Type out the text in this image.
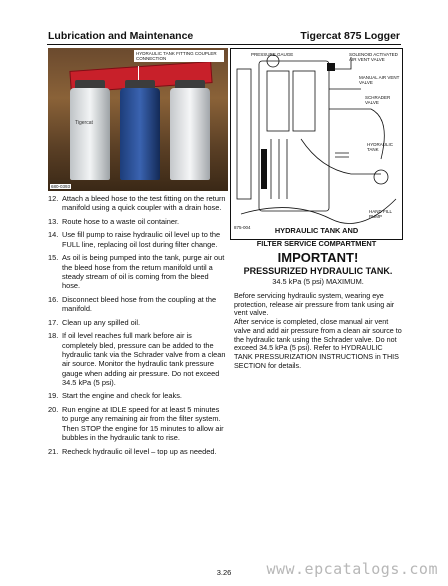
Lubrication and Maintenance	Tigercat 875 Logger
Tigercat
HYDRAULIC TANK FITTING COUPLER CONNECTION
680-0393
12. Attach a bleed hose to the test fitting on the return manifold using a quick coupler with a drain hose.
13. Route hose to a waste oil container.
14. Use fill pump to raise hydraulic oil level up to the FULL line, replacing oil lost during filter change.
15. As oil is being pumped into the tank, purge air out the bleed hose from the return manifold until a steady stream of oil is coming from the bleed hose.
16. Disconnect bleed hose from the coupling at the manifold.
17. Clean up any spilled oil.
18. If oil level reaches full mark before air is completely bled, pressure can be added to the hydraulic tank via the Schrader valve from a clean air source. Monitor the hydraulic tank pressure gauge when adding air pressure. Do not exceed 34.5 kPa (5 psi).
19. Start the engine and check for leaks.
20. Run engine at IDLE speed for at least 5 minutes to purge any remaining air from the filter system. Then STOP the engine for 15 minutes to allow air bubbles in the hydraulic tank to rise.
21. Recheck hydraulic oil level – top up as needed.
PRESSURE GAUGE	SOLENOID ACTIVATED AIR VENT VALVE
MANUAL AIR VENT VALVE
SCHRADER VALVE
HYDRAULIC TANK
HAND FILL PUMP
875-004	HYDRAULIC TANK AND
FILTER SERVICE COMPARTMENT
IMPORTANT!
PRESSURIZED HYDRAULIC TANK.
34.5 kPa (5 psi) MAXIMUM.

Before servicing hydraulic system, wearing eye protection, release air pressure from tank using air vent valve.

After service is completed, close manual air vent valve and add air pressure from a clean air source to the hydraulic tank using the Schrader valve. Do not exceed 34.5 kPa (5 psi). Refer to HYDRAULIC TANK PRESSURIZATION INSTRUCTIONS in THIS SECTION for details.

www.epcatalogs.com
3.26
